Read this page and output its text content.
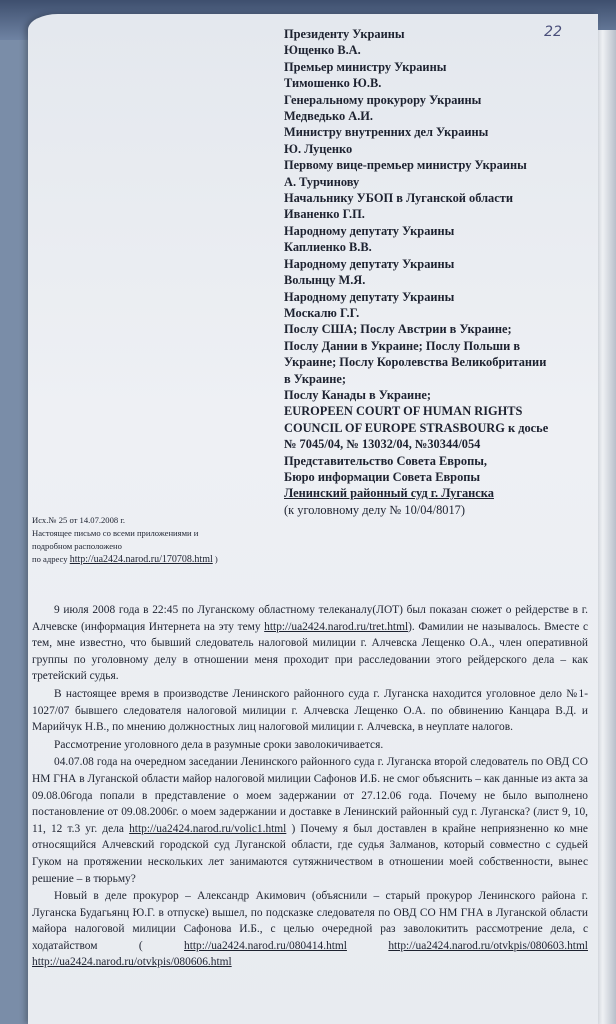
22
Президенту Украины
Ющенко В.А.
Премьер министру Украины
Тимошенко Ю.В.
Генеральному прокурору Украины
Медведько А.И.
Министру внутренних дел Украины
Ю. Луценко
Первому вице-премьер министру Украины
А. Турчинову
Начальнику УБОП в Луганской области
Иваненко Г.П.
Народному депутату Украины
Каплиенко В.В.
Народному депутату Украины
Волынцу М.Я.
Народному депутату Украины
Москалю Г.Г.
Послу США; Послу Австрии в Украине;
Послу Дании в Украине; Послу Польши в
Украине; Послу Королевства Великобритании
в Украине;
Послу Канады в Украине;
EUROPEEN COURT OF HUMAN RIGHTS
COUNCIL OF EUROPE STRASBOURG к досье
№ 7045/04, № 13032/04, №30344/054
Представительство Совета Европы,
Бюро информации Совета Европы
Ленинский районный суд г. Луганска
(к уголовному делу № 10/04/8017)
Исх.№ 25 от 14.07.2008 г.
Настоящее письмо со всеми приложениями и
подробном расположено
по адресу http://ua2424.narod.ru/170708.html )

9 июля 2008 года в 22:45 по Луганскому областному телеканалу(ЛОТ) был показан сюжет о рейдерстве в г. Алчевске (информация Интернета на эту тему http://ua2424.narod.ru/tret.html). Фамилии не называлось. Вместе с тем, мне известно, что бывший следователь налоговой милиции г. Алчевска Лещенко О.А., член оперативной группы по уголовному делу в отношении меня проходит при расследовании этого рейдерского дела – как третейский судья.

В настоящее время в производстве Ленинского районного суда г. Луганска находится уголовное дело №1-1027/07 бывшего следователя налоговой милиции г. Алчевска Лещенко О.А. по обвинению Канцара В.Д. и Марийчук Н.В., по мнению должностных лиц налоговой милиции г. Алчевска, в неуплате налогов.

Рассмотрение уголовного дела в разумные сроки заволокичивается.

04.07.08 года на очередном заседании Ленинского районного суда г. Луганска второй следователь по ОВД СО НМ ГНА в Луганской области майор налоговой милиции Сафонов И.Б. не смог объяснить – как данные из акта за 09.08.06года попали в представление о моем задержании от 27.12.06 года. Почему не было выполнено постановление от 09.08.2006г. о моем задержании и доставке в Ленинский районный суд г. Луганска? (лист 9, 10, 11, 12 т.3 уг. дела http://ua2424.narod.ru/volic1.html ) Почему я был доставлен в крайне неприязненно ко мне относящийся Алчевский городской суд Луганской области, где судья Залманов, который совместно с судьей Гуком на протяжении нескольких лет занимаются сутяжничеством в отношении моей собственности, вынес решение – в тюрьму?

Новый в деле прокурор – Александр Акимович (объяснили – старый прокурор Ленинского района г. Луганска Будагьянц Ю.Г. в отпуске) вышел, по подсказке следователя по ОВД СО НМ ГНА в Луганской области майора налоговой милиции Сафонова И.Б., с целью очередной раз заволокитить рассмотрение дела, с ходатайством ( http://ua2424.narod.ru/080414.html	http://ua2424.narod.ru/otvkpis/080603.html http://ua2424.narod.ru/otvkpis/080606.html
